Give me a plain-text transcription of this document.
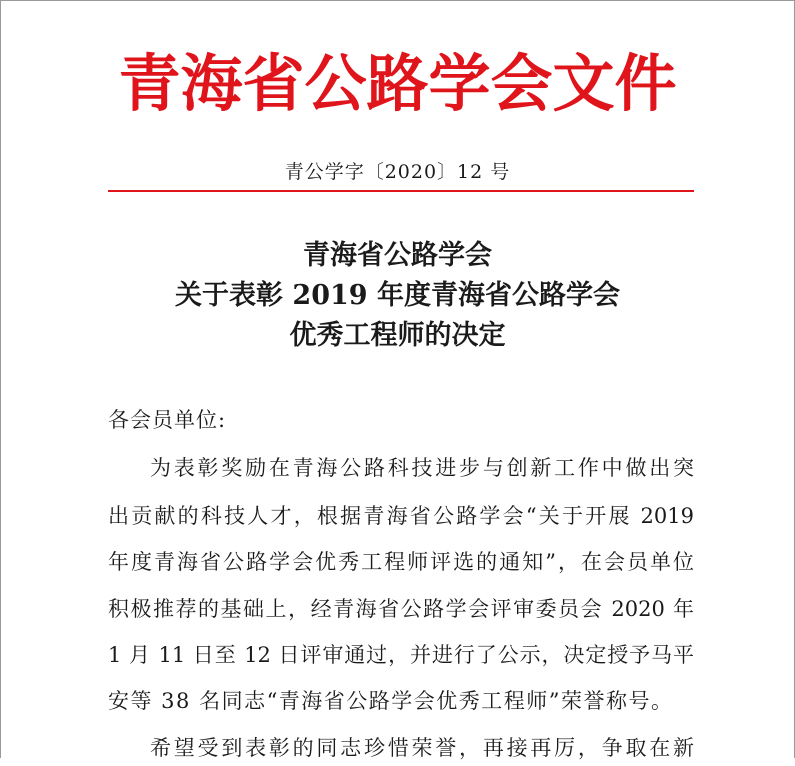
青海省公路学会文件
青公学字〔2020〕12 号
青海省公路学会
关于表彰 2019 年度青海省公路学会
优秀工程师的决定
各会员单位:
为表彰奖励在青海公路科技进步与创新工作中做出突
出贡献的科技人才，根据青海省公路学会“关于开展 2019
年度青海省公路学会优秀工程师评选的通知”，在会员单位
积极推荐的基础上，经青海省公路学会评审委员会 2020 年
1 月 11 日至 12 日评审通过，并进行了公示，决定授予马平
安等 38 名同志“青海省公路学会优秀工程师”荣誉称号。
希望受到表彰的同志珍惜荣誉，再接再厉，争取在新
